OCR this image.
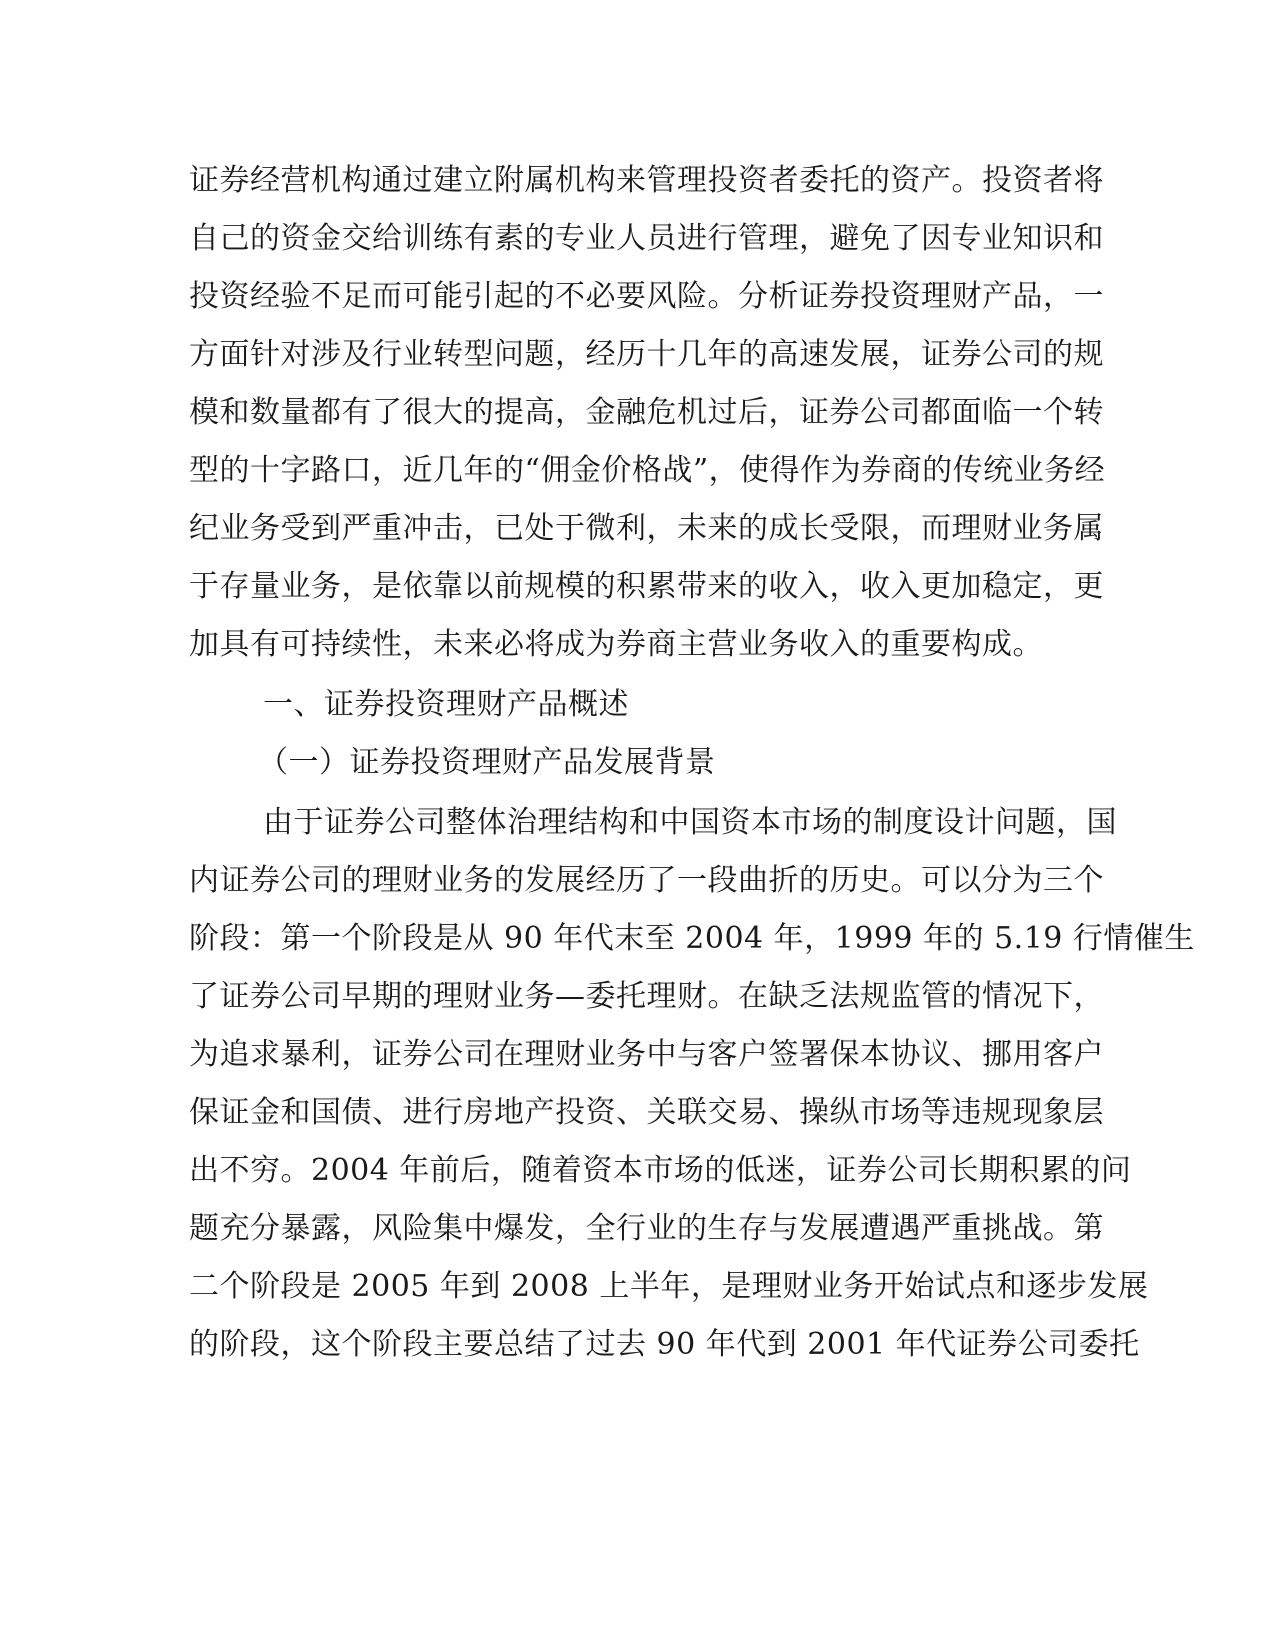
证券经营机构通过建立附属机构来管理投资者委托的资产。投资者将
自己的资金交给训练有素的专业人员进行管理，避免了因专业知识和
投资经验不足而可能引起的不必要风险。分析证券投资理财产品，一
方面针对涉及行业转型问题，经历十几年的高速发展，证券公司的规
模和数量都有了很大的提高，金融危机过后，证券公司都面临一个转
型的十字路口，近几年的“佣金价格战”，使得作为券商的传统业务经
纪业务受到严重冲击，已处于微利，未来的成长受限，而理财业务属
于存量业务，是依靠以前规模的积累带来的收入，收入更加稳定，更
加具有可持续性，未来必将成为券商主营业务收入的重要构成。
一、证券投资理财产品概述
（一）证券投资理财产品发展背景
由于证券公司整体治理结构和中国资本市场的制度设计问题，国
内证券公司的理财业务的发展经历了一段曲折的历史。可以分为三个
阶段：第一个阶段是从 90 年代末至 2004 年，1999 年的 5.19 行情催生
了证券公司早期的理财业务—委托理财。在缺乏法规监管的情况下，
为追求暴利，证券公司在理财业务中与客户签署保本协议、挪用客户
保证金和国债、进行房地产投资、关联交易、操纵市场等违规现象层
出不穷。2004 年前后，随着资本市场的低迷，证券公司长期积累的问
题充分暴露，风险集中爆发，全行业的生存与发展遭遇严重挑战。第
二个阶段是 2005 年到 2008 上半年，是理财业务开始试点和逐步发展
的阶段，这个阶段主要总结了过去 90 年代到 2001 年代证券公司委托
